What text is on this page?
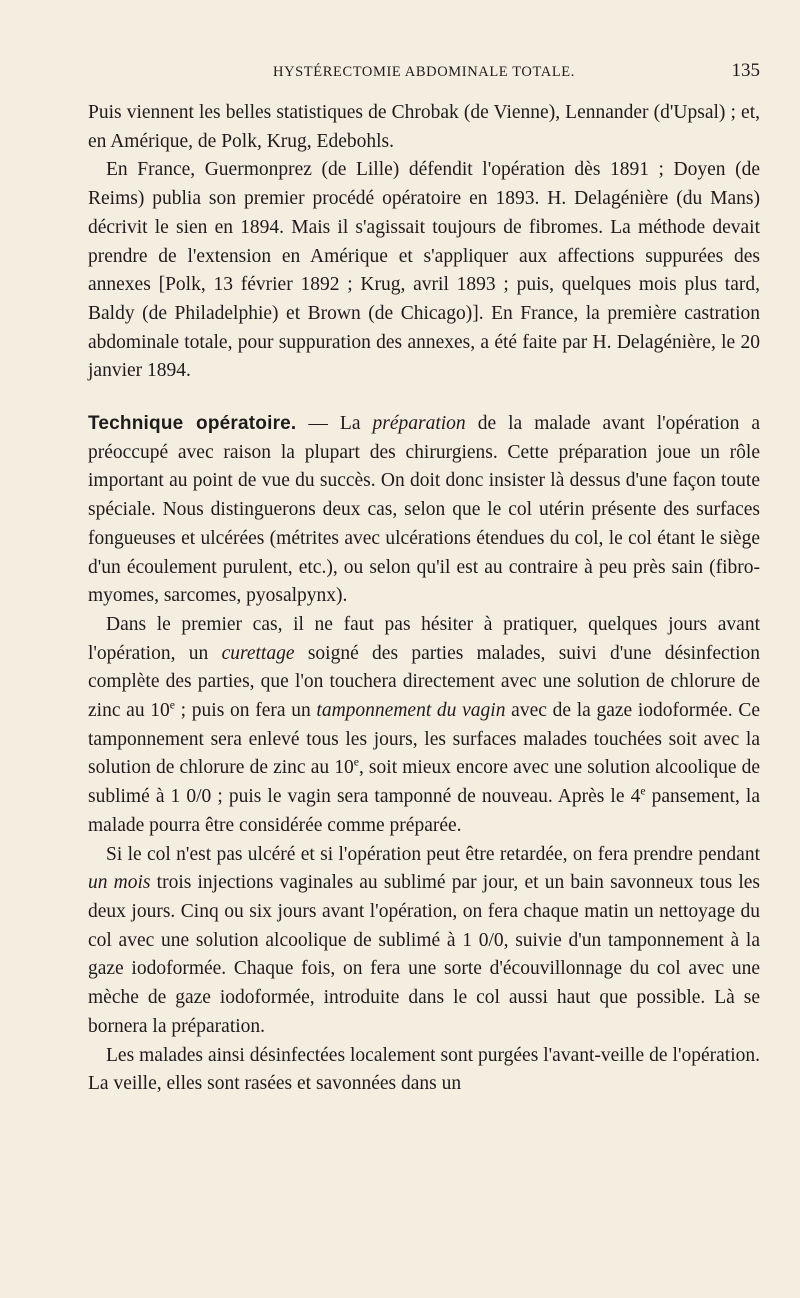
HYSTÉRECTOMIE ABDOMINALE TOTALE.	135

Puis viennent les belles statistiques de Chrobak (de Vienne), Lennander (d'Upsal) ; et, en Amérique, de Polk, Krug, Edebohls.

En France, Guermonprez (de Lille) défendit l'opération dès 1891 ; Doyen (de Reims) publia son premier procédé opératoire en 1893. H. Delagénière (du Mans) décrivit le sien en 1894. Mais il s'agissait toujours de fibromes. La méthode devait prendre de l'extension en Amérique et s'appliquer aux affections suppurées des annexes [Polk, 13 février 1892 ; Krug, avril 1893 ; puis, quelques mois plus tard, Baldy (de Philadelphie) et Brown (de Chicago)]. En France, la première castration abdominale totale, pour suppuration des annexes, a été faite par H. Delagénière, le 20 janvier 1894.

Technique opératoire. — La préparation de la malade avant l'opération a préoccupé avec raison la plupart des chirurgiens. Cette préparation joue un rôle important au point de vue du succès. On doit donc insister là dessus d'une façon toute spéciale. Nous distinguerons deux cas, selon que le col utérin présente des surfaces fongueuses et ulcérées (métrites avec ulcérations étendues du col, le col étant le siège d'un écoulement purulent, etc.), ou selon qu'il est au contraire à peu près sain (fibro-myomes, sarcomes, pyosalpynx).

Dans le premier cas, il ne faut pas hésiter à pratiquer, quelques jours avant l'opération, un curettage soigné des parties malades, suivi d'une désinfection complète des parties, que l'on touchera directement avec une solution de chlorure de zinc au 10e ; puis on fera un tamponnement du vagin avec de la gaze iodoformée. Ce tamponnement sera enlevé tous les jours, les surfaces malades touchées soit avec la solution de chlorure de zinc au 10e, soit mieux encore avec une solution alcoolique de sublimé à 1 0/0 ; puis le vagin sera tamponné de nouveau. Après le 4e pansement, la malade pourra être considérée comme préparée.

Si le col n'est pas ulcéré et si l'opération peut être retardée, on fera prendre pendant un mois trois injections vaginales au sublimé par jour, et un bain savonneux tous les deux jours. Cinq ou six jours avant l'opération, on fera chaque matin un nettoyage du col avec une solution alcoolique de sublimé à 1 0/0, suivie d'un tamponnement à la gaze iodoformée. Chaque fois, on fera une sorte d'écouvillonnage du col avec une mèche de gaze iodoformée, introduite dans le col aussi haut que possible. Là se bornera la préparation.

Les malades ainsi désinfectées localement sont purgées l'avant-veille de l'opération. La veille, elles sont rasées et savonnées dans un
